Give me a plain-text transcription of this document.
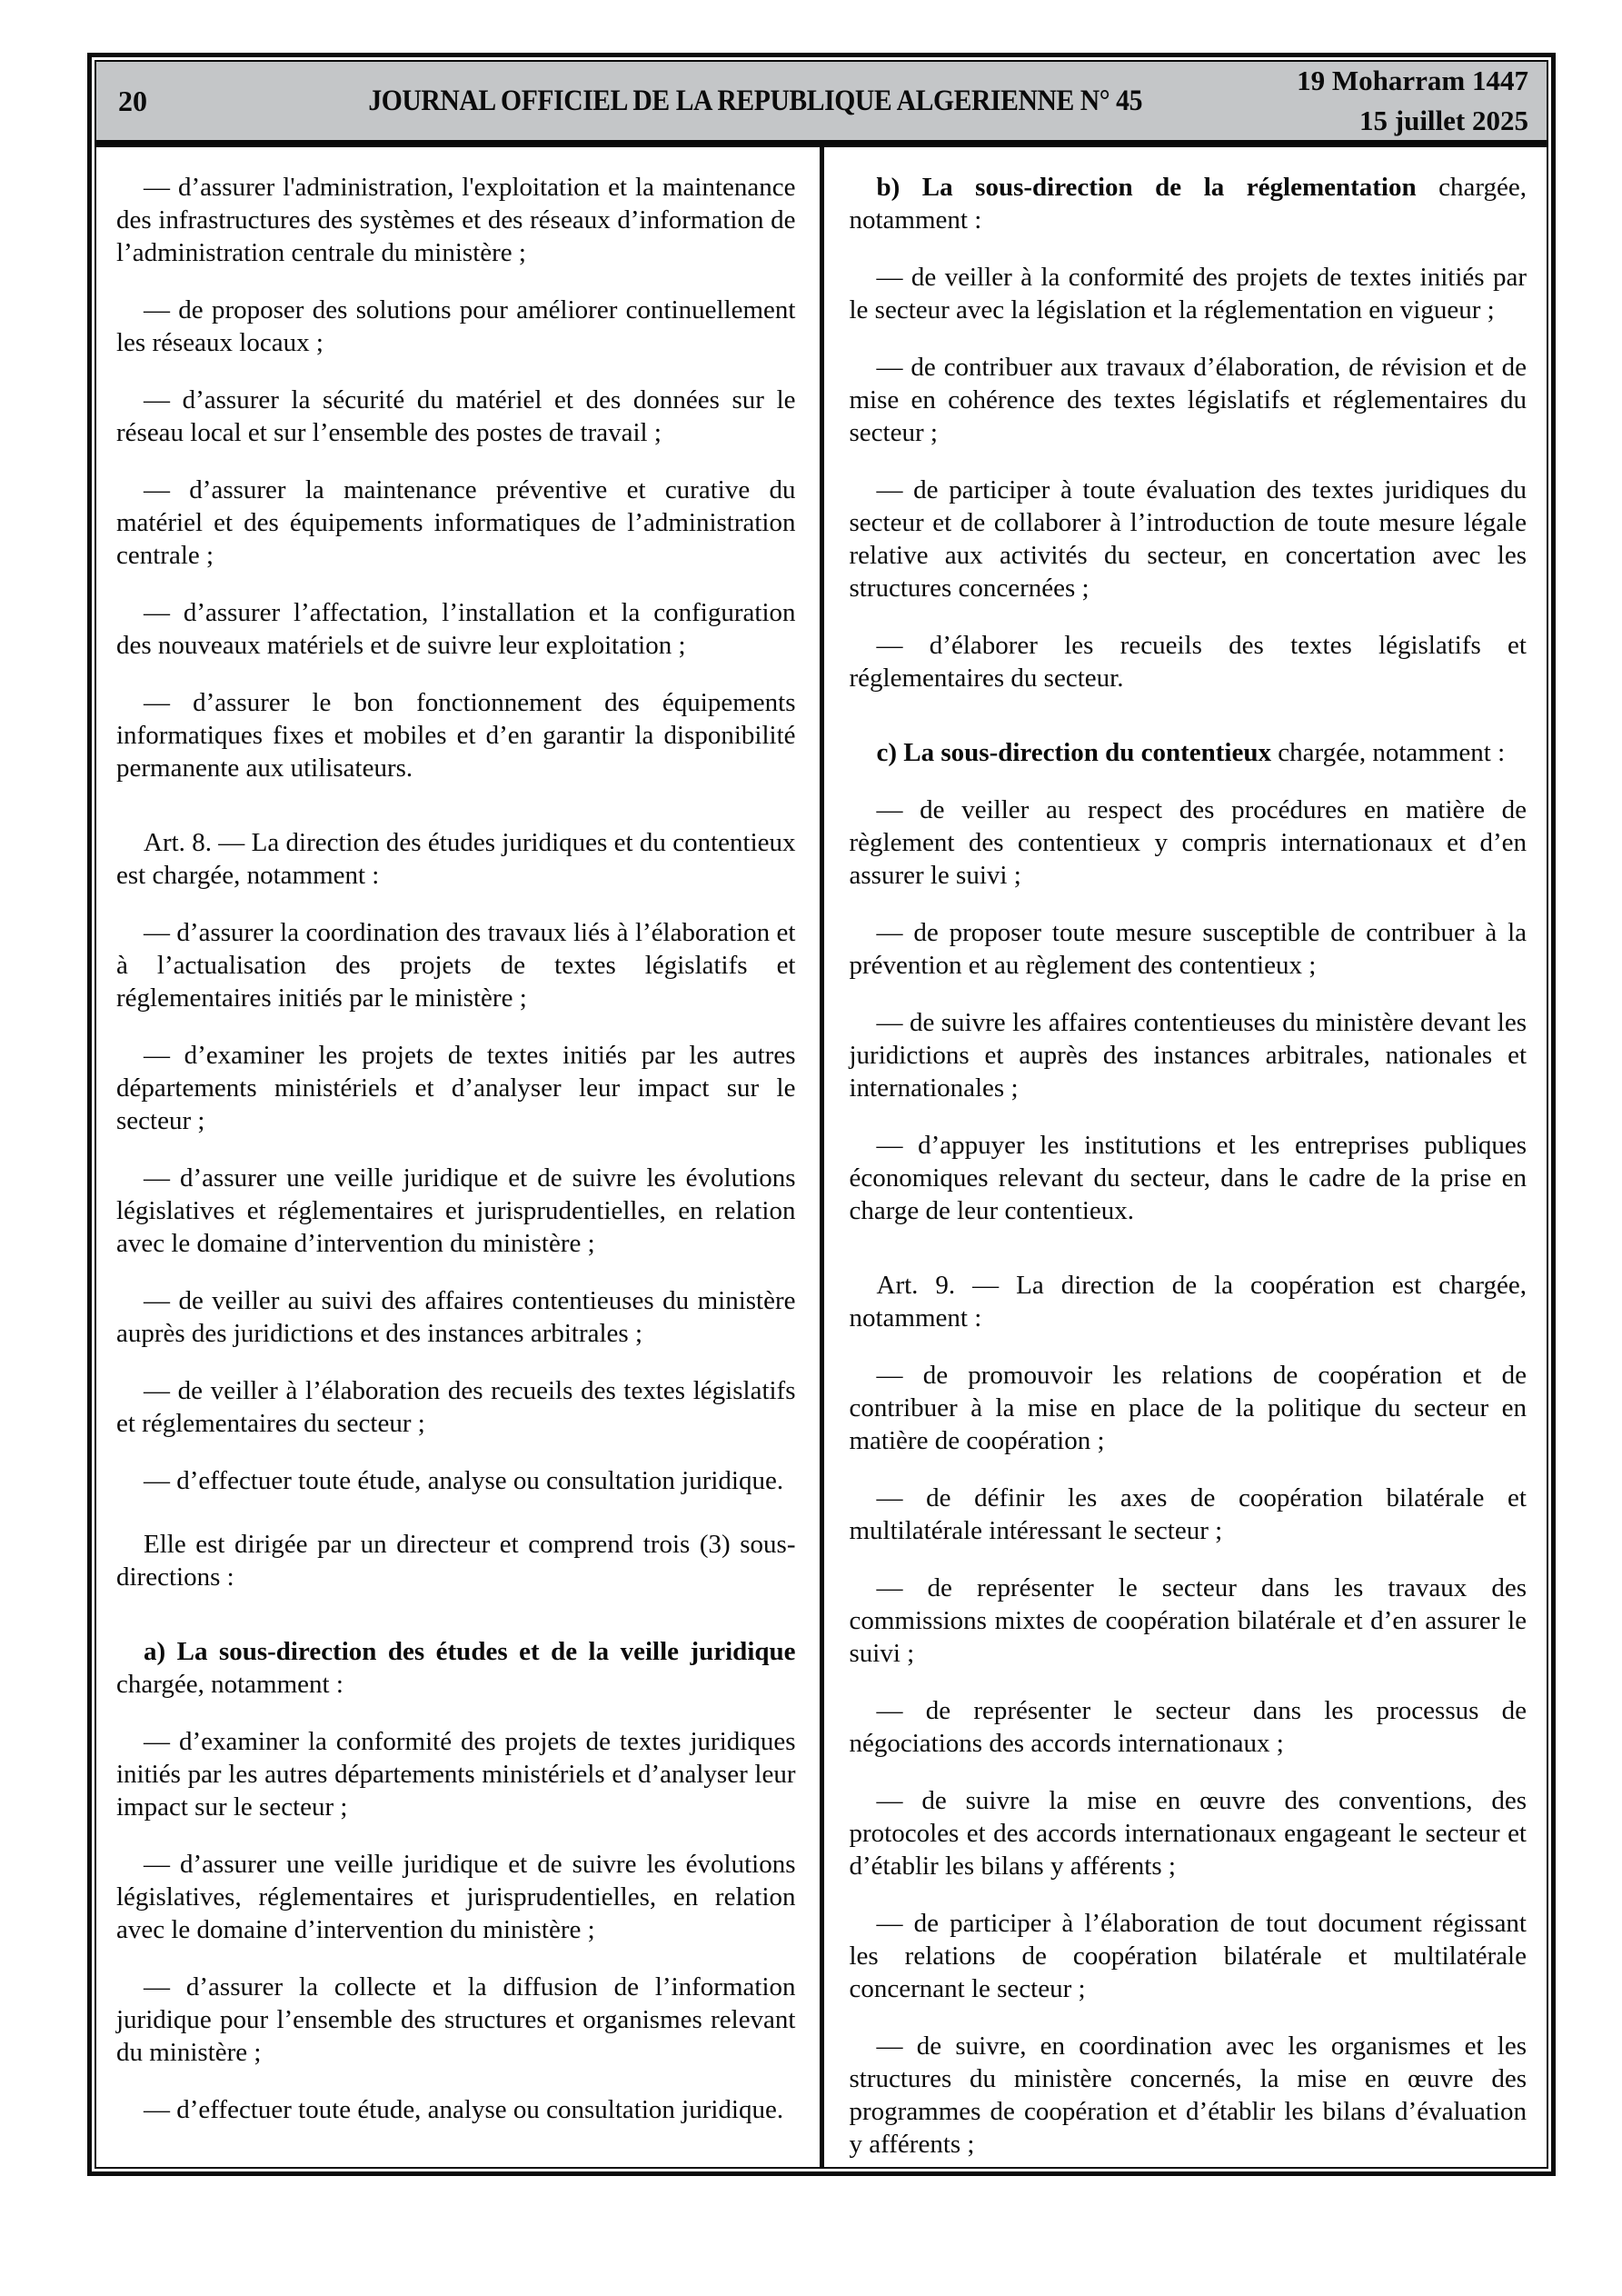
20	JOURNAL OFFICIEL DE LA REPUBLIQUE ALGERIENNE N° 45
19 Moharram 1447
15 juillet 2025

— d’assurer l'administration, l'exploitation et la maintenance des infrastructures des systèmes et des réseaux d’information de l’administration centrale du ministère ;

— de proposer des solutions pour améliorer continuellement les réseaux locaux ;

— d’assurer la sécurité du matériel et des données sur le réseau local et sur l’ensemble des postes de travail ;

— d’assurer la maintenance préventive et curative du matériel et des équipements informatiques de l’administration centrale ;

— d’assurer l’affectation, l’installation et la configuration des nouveaux matériels et de suivre leur exploitation ;

— d’assurer le bon fonctionnement des équipements informatiques fixes et mobiles et d’en garantir la disponibilité permanente aux utilisateurs.

Art. 8. — La direction des études juridiques et du contentieux est chargée, notamment :

— d’assurer la coordination des travaux liés à l’élaboration et à l’actualisation des projets de textes législatifs et réglementaires initiés par le ministère ;

— d’examiner les projets de textes initiés par les autres départements ministériels et d’analyser leur impact sur le secteur ;

— d’assurer une veille juridique et de suivre les évolutions législatives et réglementaires et jurisprudentielles, en relation avec le domaine d’intervention du ministère ;

— de veiller au suivi des affaires contentieuses du ministère auprès des juridictions et des instances arbitrales ;

— de veiller à l’élaboration des recueils des textes législatifs et réglementaires du secteur ;

— d’effectuer toute étude, analyse ou consultation juridique.

Elle est dirigée par un directeur et comprend trois (3) sous-directions :

a) La sous-direction des études et de la veille juridique chargée, notamment :

— d’examiner la conformité des projets de textes juridiques initiés par les autres départements ministériels et d’analyser leur impact sur le secteur ;

— d’assurer une veille juridique et de suivre les évolutions législatives, réglementaires et jurisprudentielles, en relation avec le domaine d’intervention du ministère ;

— d’assurer la collecte et la diffusion de l’information juridique pour l’ensemble des structures et organismes relevant du ministère ;

— d’effectuer toute étude, analyse ou consultation juridique.

b) La sous-direction de la réglementation chargée, notamment :

— de veiller à la conformité des projets de textes initiés par le secteur avec la législation et la réglementation en vigueur ;

— de contribuer aux travaux d’élaboration, de révision et de mise en cohérence des textes législatifs et réglementaires du secteur ;

— de participer à toute évaluation des textes juridiques du secteur et de collaborer à l’introduction de toute mesure légale relative aux activités du secteur, en concertation avec les structures concernées ;

— d’élaborer les recueils des textes législatifs et réglementaires du secteur.

c) La sous-direction du contentieux chargée, notamment :

— de veiller au respect des procédures en matière de règlement des contentieux y compris internationaux et d’en assurer le suivi ;

— de proposer toute mesure susceptible de contribuer à la prévention et au règlement des contentieux ;

— de suivre les affaires contentieuses du ministère devant les juridictions et auprès des instances arbitrales, nationales et internationales ;

— d’appuyer les institutions et les entreprises publiques économiques relevant du secteur, dans le cadre de la prise en charge de leur contentieux.

Art. 9. — La direction de la coopération est chargée, notamment :

— de promouvoir les relations de coopération et de contribuer à la mise en place de la politique du secteur en matière de coopération ;

— de définir les axes de coopération bilatérale et multilatérale intéressant le secteur ;

— de représenter le secteur dans les travaux des commissions mixtes de coopération bilatérale et d’en assurer le suivi ;

— de représenter le secteur dans les processus de négociations des accords internationaux ;

— de suivre la mise en œuvre des conventions, des protocoles et des accords internationaux engageant le secteur et d’établir les bilans y afférents ;

— de participer à l’élaboration de tout document régissant les relations de coopération bilatérale et multilatérale concernant le secteur ;

— de suivre, en coordination avec les organismes et les structures du ministère concernés, la mise en œuvre des programmes de coopération et d’établir les bilans d’évaluation y afférents ;
